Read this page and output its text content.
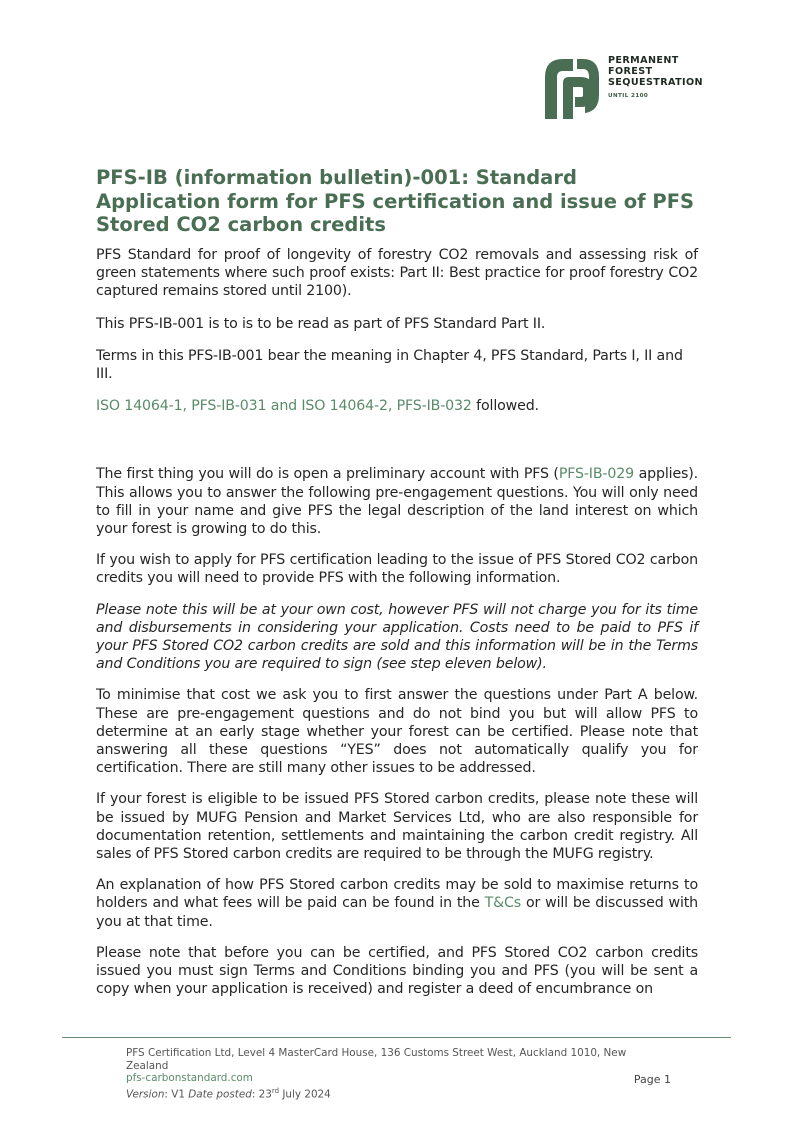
PERMANENT
FOREST
SEQUESTRATION
UNTIL 2100
PFS-IB (information bulletin)-001: Standard Application form for PFS certification and issue of PFS Stored CO2 carbon credits

PFS Standard for proof of longevity of forestry CO2 removals and assessing risk of green statements where such proof exists: Part II: Best practice for proof forestry CO2 captured remains stored until 2100).

This PFS-IB-001 is to is to be read as part of PFS Standard Part II.

Terms in this PFS-IB-001 bear the meaning in Chapter 4, PFS Standard, Parts I, II and III.

ISO 14064-1, PFS-IB-031 and ISO 14064-2, PFS-IB-032 followed.

The first thing you will do is open a preliminary account with PFS (PFS-IB-029 applies). This allows you to answer the following pre-engagement questions. You will only need to fill in your name and give PFS the legal description of the land interest on which your forest is growing to do this.

If you wish to apply for PFS certification leading to the issue of PFS Stored CO2 carbon credits you will need to provide PFS with the following information.

Please note this will be at your own cost, however PFS will not charge you for its time and disbursements in considering your application. Costs need to be paid to PFS if your PFS Stored CO2 carbon credits are sold and this information will be in the Terms and Conditions you are required to sign (see step eleven below).

To minimise that cost we ask you to first answer the questions under Part A below. These are pre-engagement questions and do not bind you but will allow PFS to determine at an early stage whether your forest can be certified. Please note that answering all these questions “YES” does not automatically qualify you for certification. There are still many other issues to be addressed.

If your forest is eligible to be issued PFS Stored carbon credits, please note these will be issued by MUFG Pension and Market Services Ltd, who are also responsible for documentation retention, settlements and maintaining the carbon credit registry. All sales of PFS Stored carbon credits are required to be through the MUFG registry.

An explanation of how PFS Stored carbon credits may be sold to maximise returns to holders and what fees will be paid can be found in the T&Cs or will be discussed with you at that time.

Please note that before you can be certified, and PFS Stored CO2 carbon credits issued you must sign Terms and Conditions binding you and PFS (you will be sent a copy when your application is received) and register a deed of encumbrance on

PFS Certification Ltd, Level 4 MasterCard House, 136 Customs Street West, Auckland 1010, New Zealand
pfs-carbonstandard.com
Version: V1 Date posted: 23rd July 2024
Page 1
